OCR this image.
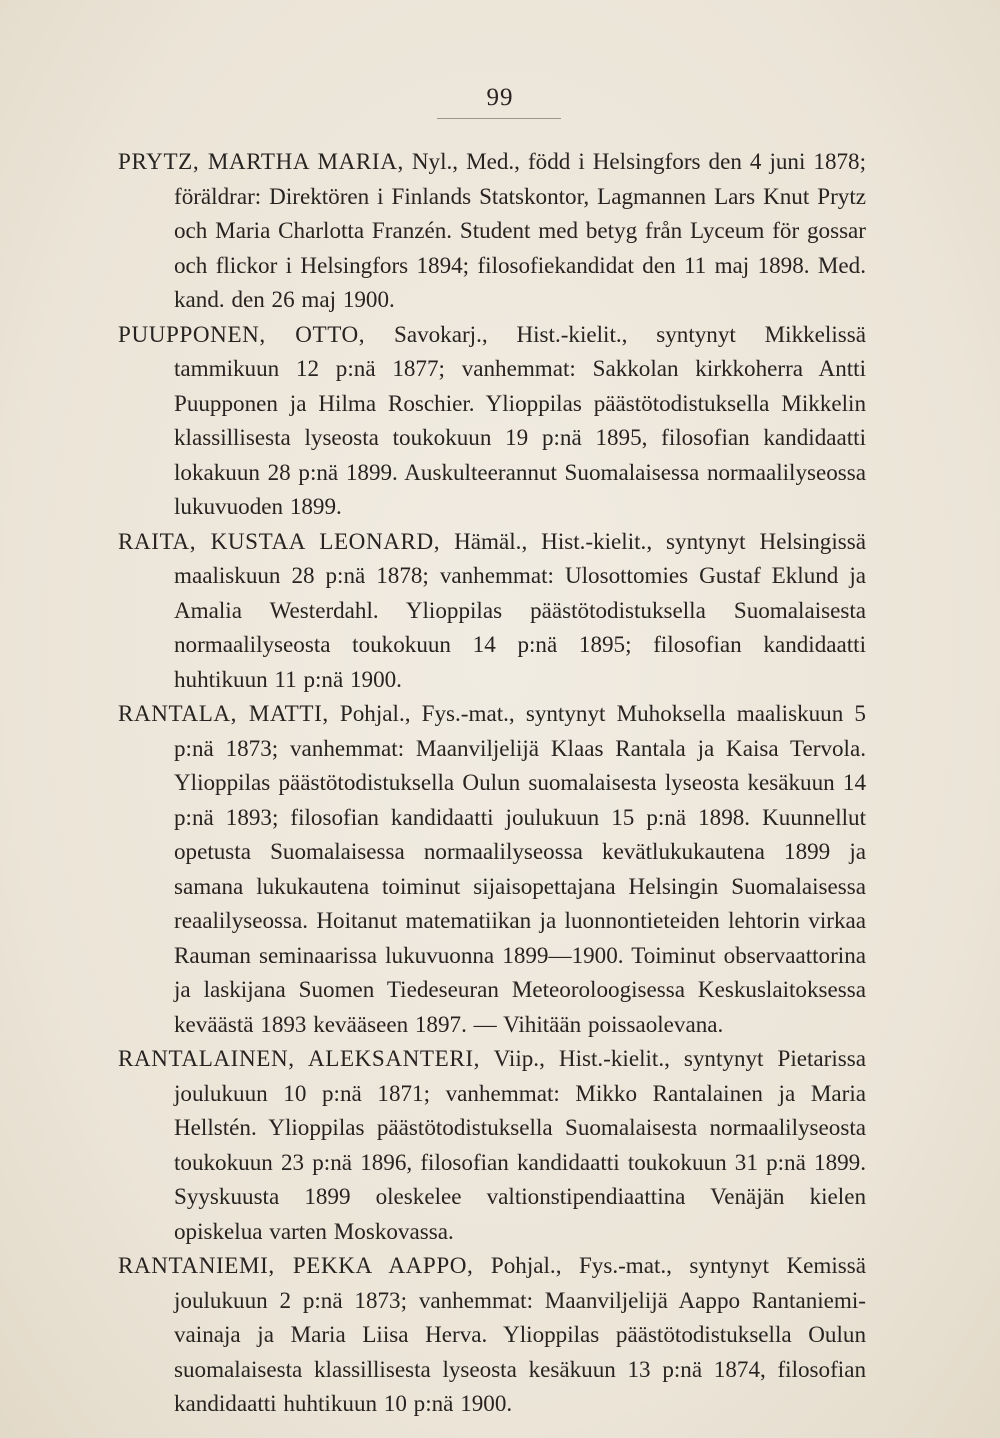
99

PRYTZ, MARTHA MARIA, Nyl., Med., född i Helsingfors den 4 juni 1878; föräldrar: Direktören i Finlands Statskontor, Lagmannen Lars Knut Prytz och Maria Charlotta Franzén. Student med betyg från Lyceum för gossar och flickor i Helsingfors 1894; filosofiekandidat den 11 maj 1898. Med. kand. den 26 maj 1900.

PUUPPONEN, OTTO, Savokarj., Hist.-kielit., syntynyt Mikkelissä tammikuun 12 p:nä 1877; vanhemmat: Sakkolan kirkkoherra Antti Puupponen ja Hilma Roschier. Ylioppilas päästötodistuksella Mikkelin klassillisesta lyseosta toukokuun 19 p:nä 1895, filosofian kandidaatti lokakuun 28 p:nä 1899. Auskulteerannut Suomalaisessa normaalilyseossa lukuvuoden 1899.

RAITA, KUSTAA LEONARD, Hämäl., Hist.-kielit., syntynyt Helsingissä maaliskuun 28 p:nä 1878; vanhemmat: Ulosottomies Gustaf Eklund ja Amalia Westerdahl. Ylioppilas päästötodistuksella Suomalaisesta normaalilyseosta toukokuun 14 p:nä 1895; filosofian kandidaatti huhtikuun 11 p:nä 1900.

RANTALA, MATTI, Pohjal., Fys.-mat., syntynyt Muhoksella maaliskuun 5 p:nä 1873; vanhemmat: Maanviljelijä Klaas Rantala ja Kaisa Tervola. Ylioppilas päästötodistuksella Oulun suomalaisesta lyseosta kesäkuun 14 p:nä 1893; filosofian kandidaatti joulukuun 15 p:nä 1898. Kuunnellut opetusta Suomalaisessa normaalilyseossa kevätlukukautena 1899 ja samana lukukautena toiminut sijaisopettajana Helsingin Suomalaisessa reaalilyseossa. Hoitanut matematiikan ja luonnontieteiden lehtorin virkaa Rauman seminaarissa lukuvuonna 1899—1900. Toiminut observaattorina ja laskijana Suomen Tiedeseuran Meteoroloogisessa Keskuslaitoksessa keväästä 1893 kevääseen 1897. — Vihitään poissaolevana.

RANTALAINEN, ALEKSANTERI, Viip., Hist.-kielit., syntynyt Pietarissa joulukuun 10 p:nä 1871; vanhemmat: Mikko Rantalainen ja Maria Hellstén. Ylioppilas päästötodistuksella Suomalaisesta normaalilyseosta toukokuun 23 p:nä 1896, filosofian kandidaatti toukokuun 31 p:nä 1899. Syyskuusta 1899 oleskelee valtionstipendiaattina Venäjän kielen opiskelua varten Moskovassa.

RANTANIEMI, PEKKA AAPPO, Pohjal., Fys.-mat., syntynyt Kemissä joulukuun 2 p:nä 1873; vanhemmat: Maanviljelijä Aappo Rantaniemi-vainaja ja Maria Liisa Herva. Ylioppilas päästötodistuksella Oulun suomalaisesta klassillisesta lyseosta kesäkuun 13 p:nä 1874, filosofian kandidaatti huhtikuun 10 p:nä 1900.
